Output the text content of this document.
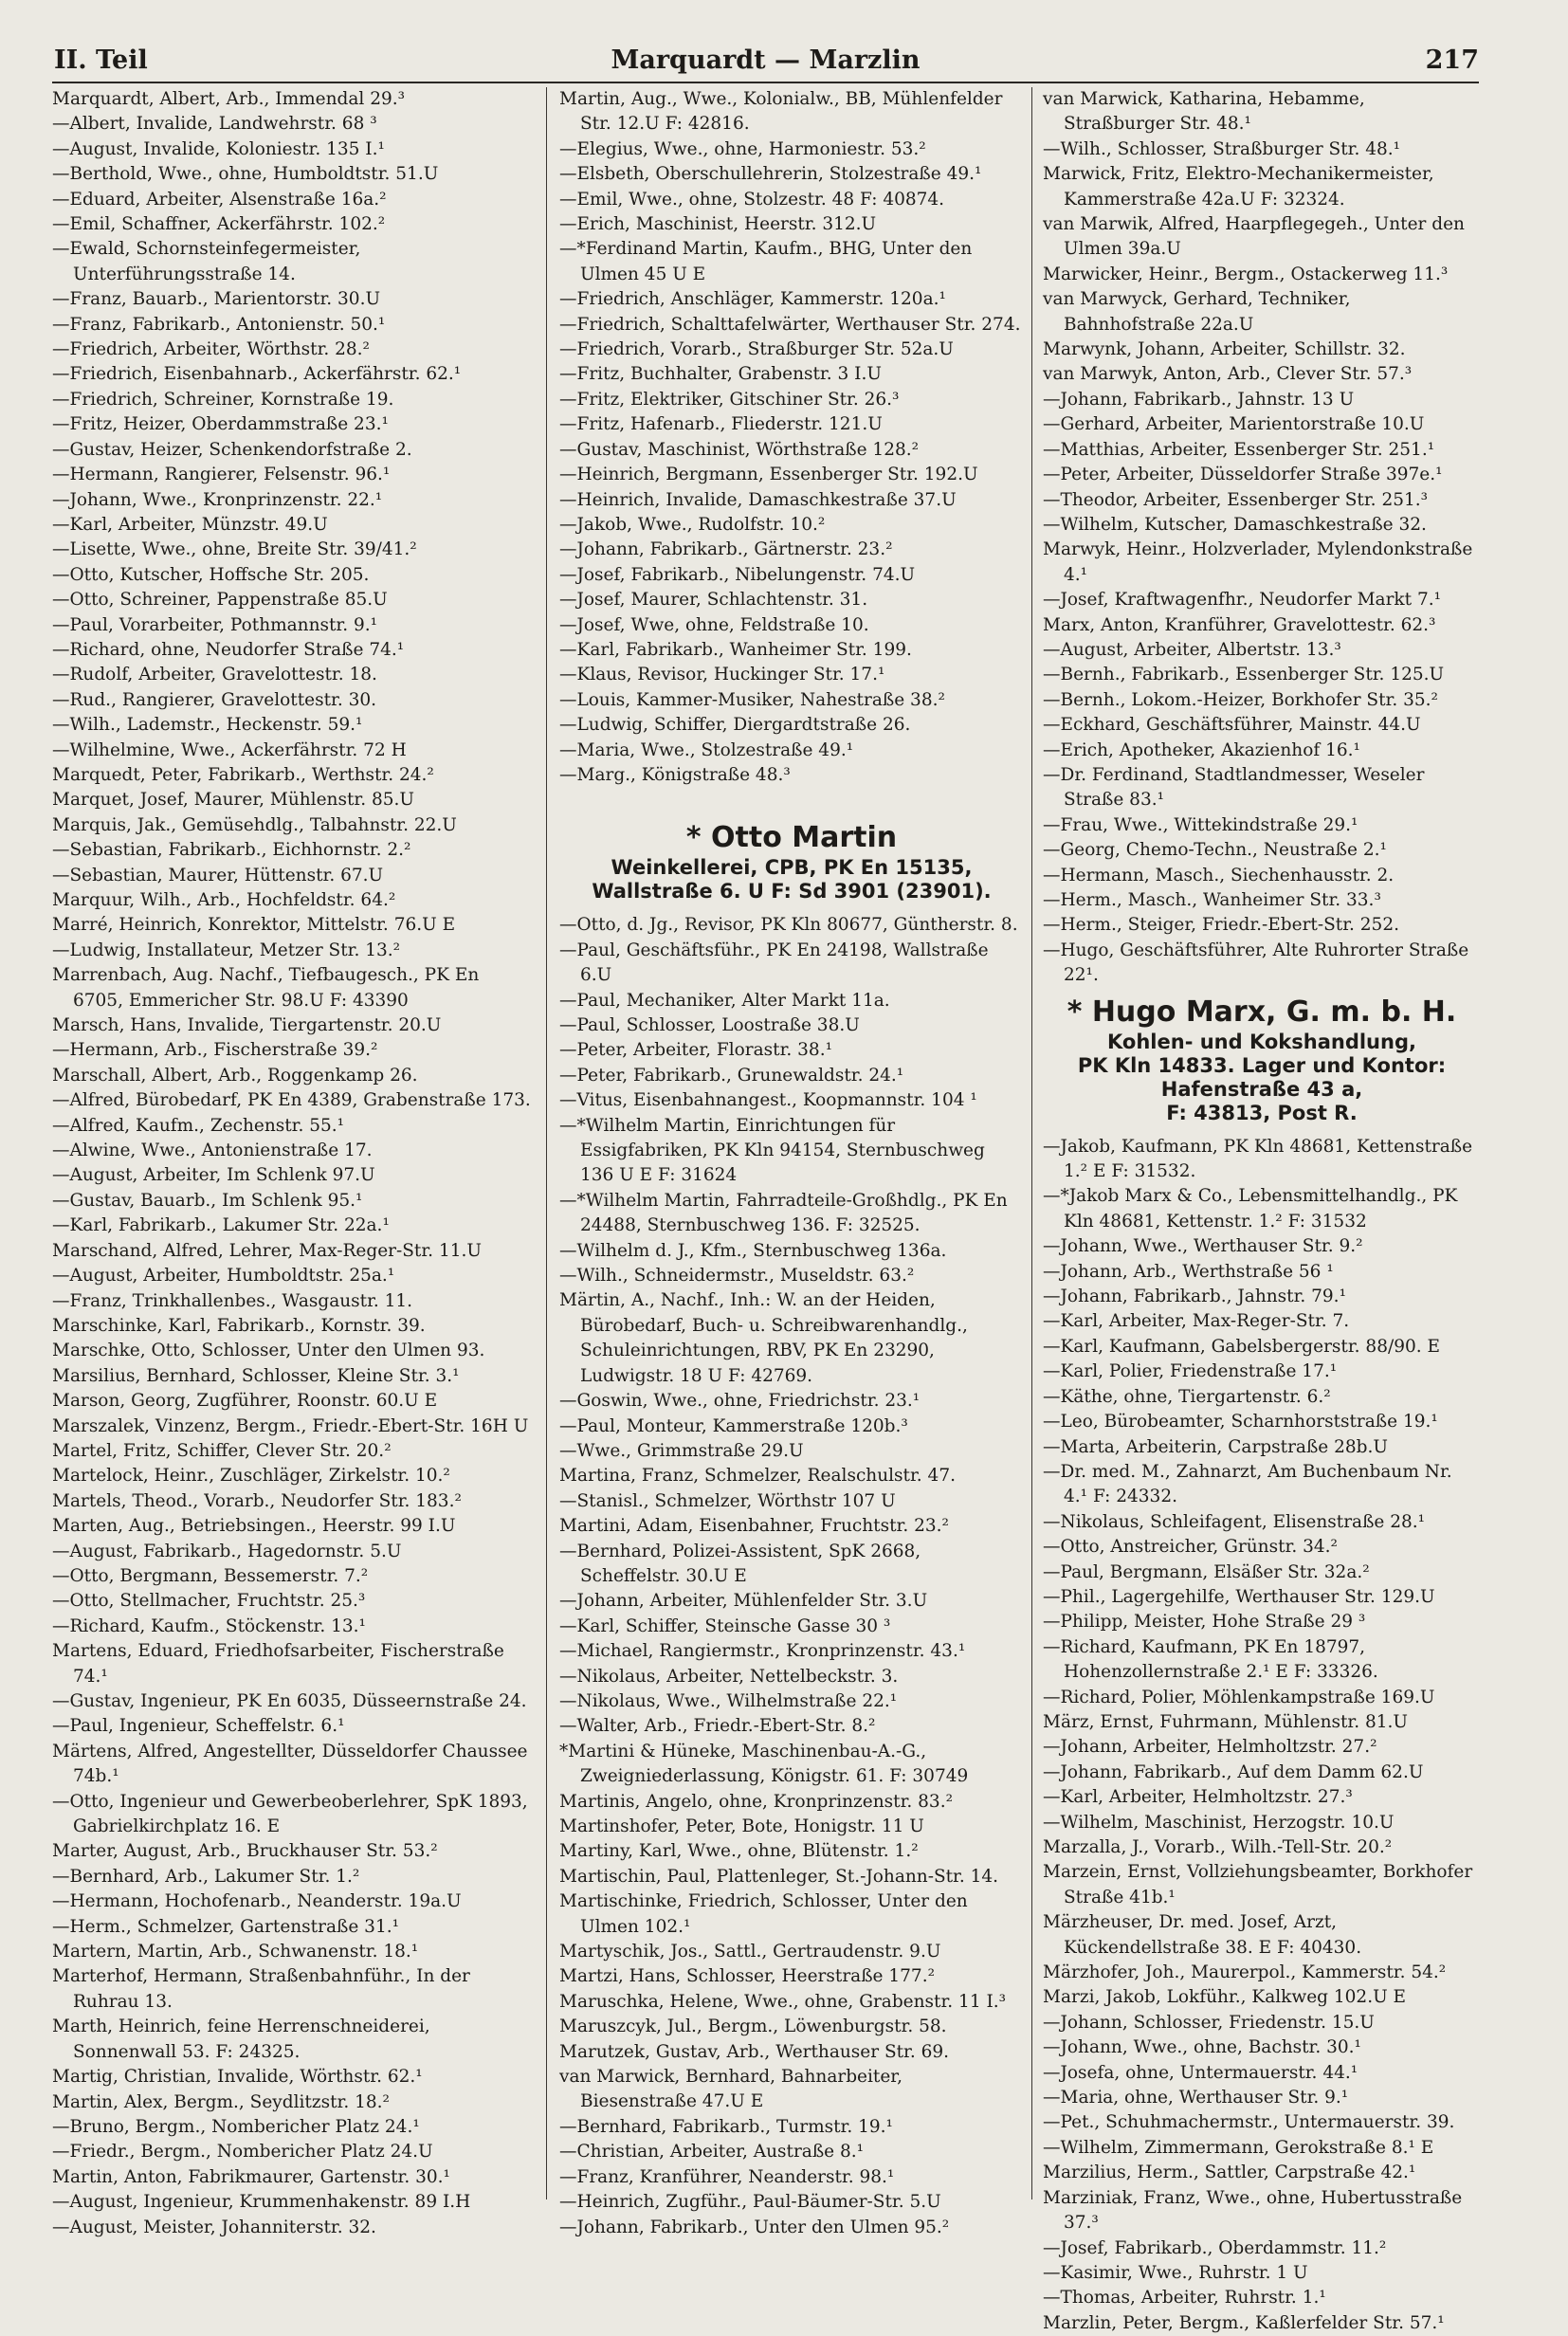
II. Teil	Marquardt — Marzlin	217
Marquardt, Albert, Arb., Immendal 29.³
—Albert, Invalide, Landwehrstr. 68 ³
—August, Invalide, Koloniestr. 135 I.¹
—Berthold, Wwe., ohne, Humboldtstr. 51.U
—Eduard, Arbeiter, Alsenstraße 16a.²
—Emil, Schaffner, Ackerfährstr. 102.²
—Ewald, Schornsteinfegermeister, Unterführungsstraße 14.
—Franz, Bauarb., Marientorstr. 30.U
—Franz, Fabrikarb., Antonienstr. 50.¹
—Friedrich, Arbeiter, Wörthstr. 28.²
—Friedrich, Eisenbahnarb., Ackerfährstr. 62.¹
—Friedrich, Schreiner, Kornstraße 19.
—Fritz, Heizer, Oberdammstraße 23.¹
—Gustav, Heizer, Schenkendorfstraße 2.
—Hermann, Rangierer, Felsenstr. 96.¹
—Johann, Wwe., Kronprinzenstr. 22.¹
—Karl, Arbeiter, Münzstr. 49.U
—Lisette, Wwe., ohne, Breite Str. 39/41.²
—Otto, Kutscher, Hoffsche Str. 205.
—Otto, Schreiner, Pappenstraße 85.U
—Paul, Vorarbeiter, Pothmannstr. 9.¹
—Richard, ohne, Neudorfer Straße 74.¹
—Rudolf, Arbeiter, Gravelottestr. 18.
—Rud., Rangierer, Gravelottestr. 30.
—Wilh., Lademstr., Heckenstr. 59.¹
—Wilhelmine, Wwe., Ackerfährstr. 72 H
Marquedt, Peter, Fabrikarb., Werthstr. 24.²
Marquet, Josef, Maurer, Mühlenstr. 85.U
Marquis, Jak., Gemüsehdlg., Talbahnstr. 22.U
—Sebastian, Fabrikarb., Eichhornstr. 2.²
—Sebastian, Maurer, Hüttenstr. 67.U
Marquur, Wilh., Arb., Hochfeldstr. 64.²
Marré, Heinrich, Konrektor, Mittelstr. 76.U E
—Ludwig, Installateur, Metzer Str. 13.²
Marrenbach, Aug. Nachf., Tiefbaugesch., PK En 6705, Emmericher Str. 98.U F: 43390
Marsch, Hans, Invalide, Tiergartenstr. 20.U
—Hermann, Arb., Fischerstraße 39.²
Marschall, Albert, Arb., Roggenkamp 26.
—Alfred, Bürobedarf, PK En 4389, Grabenstraße 173.
—Alfred, Kaufm., Zechenstr. 55.¹
—Alwine, Wwe., Antonienstraße 17.
—August, Arbeiter, Im Schlenk 97.U
—Gustav, Bauarb., Im Schlenk 95.¹
—Karl, Fabrikarb., Lakumer Str. 22a.¹
Marschand, Alfred, Lehrer, Max-Reger-Str. 11.U
—August, Arbeiter, Humboldtstr. 25a.¹
—Franz, Trinkhallenbes., Wasgaustr. 11.
Marschinke, Karl, Fabrikarb., Kornstr. 39.
Marschke, Otto, Schlosser, Unter den Ulmen 93.
Marsilius, Bernhard, Schlosser, Kleine Str. 3.¹
Marson, Georg, Zugführer, Roonstr. 60.U E
Marszalek, Vinzenz, Bergm., Friedr.-Ebert-Str. 16H U
Martel, Fritz, Schiffer, Clever Str. 20.²
Martelock, Heinr., Zuschläger, Zirkelstr. 10.²
Martels, Theod., Vorarb., Neudorfer Str. 183.²
Marten, Aug., Betriebsingen., Heerstr. 99 I.U
—August, Fabrikarb., Hagedornstr. 5.U
—Otto, Bergmann, Bessemerstr. 7.²
—Otto, Stellmacher, Fruchtstr. 25.³
—Richard, Kaufm., Stöckenstr. 13.¹
Martens, Eduard, Friedhofsarbeiter, Fischerstraße 74.¹
—Gustav, Ingenieur, PK En 6035, Düsseernstraße 24.
—Paul, Ingenieur, Scheffelstr. 6.¹
Märtens, Alfred, Angestellter, Düsseldorfer Chaussee 74b.¹
—Otto, Ingenieur und Gewerbeoberlehrer, SpK 1893, Gabrielkirchplatz 16. E
Marter, August, Arb., Bruckhauser Str. 53.²
—Bernhard, Arb., Lakumer Str. 1.²
—Hermann, Hochofenarb., Neanderstr. 19a.U
—Herm., Schmelzer, Gartenstraße 31.¹
Martern, Martin, Arb., Schwanenstr. 18.¹
Marterhof, Hermann, Straßenbahnführ., In der Ruhrau 13.
Marth, Heinrich, feine Herrenschneiderei, Sonnenwall 53. F: 24325.
Martig, Christian, Invalide, Wörthstr. 62.¹
Martin, Alex, Bergm., Seydlitzstr. 18.²
—Bruno, Bergm., Nombericher Platz 24.¹
—Friedr., Bergm., Nombericher Platz 24.U
Martin, Anton, Fabrikmaurer, Gartenstr. 30.¹
—August, Ingenieur, Krummenhakenstr. 89 I.H
—August, Meister, Johanniterstr. 32.
Martin, Aug., Wwe., Kolonialw., BB, Mühlenfelder Str. 12.U F: 42816.
—Elegius, Wwe., ohne, Harmoniestr. 53.²
—Elsbeth, Oberschullehrerin, Stolzestraße 49.¹
—Emil, Wwe., ohne, Stolzestr. 48 F: 40874.
—Erich, Maschinist, Heerstr. 312.U
—*Ferdinand Martin, Kaufm., BHG, Unter den Ulmen 45 U E
—Friedrich, Anschläger, Kammerstr. 120a.¹
—Friedrich, Schalttafelwärter, Werthauser Str. 274.
—Friedrich, Vorarb., Straßburger Str. 52a.U
—Fritz, Buchhalter, Grabenstr. 3 I.U
—Fritz, Elektriker, Gitschiner Str. 26.³
—Fritz, Hafenarb., Fliederstr. 121.U
—Gustav, Maschinist, Wörthstraße 128.²
—Heinrich, Bergmann, Essenberger Str. 192.U
—Heinrich, Invalide, Damaschkestraße 37.U
—Jakob, Wwe., Rudolfstr. 10.²
—Johann, Fabrikarb., Gärtnerstr. 23.²
—Josef, Fabrikarb., Nibelungenstr. 74.U
—Josef, Maurer, Schlachtenstr. 31.
—Josef, Wwe, ohne, Feldstraße 10.
—Karl, Fabrikarb., Wanheimer Str. 199.
—Klaus, Revisor, Huckinger Str. 17.¹
—Louis, Kammer-Musiker, Nahestraße 38.²
—Ludwig, Schiffer, Diergardtstraße 26.
—Maria, Wwe., Stolzestraße 49.¹
—Marg., Königstraße 48.³
* Otto Martin
Weinkellerei, CPB, PK En 15135,
Wallstraße 6. U F: Sd 3901 (23901).
—Otto, d. Jg., Revisor, PK Kln 80677, Güntherstr. 8.
—Paul, Geschäftsführ., PK En 24198, Wallstraße 6.U
—Paul, Mechaniker, Alter Markt 11a.
—Paul, Schlosser, Loostraße 38.U
—Peter, Arbeiter, Florastr. 38.¹
—Peter, Fabrikarb., Grunewaldstr. 24.¹
—Vitus, Eisenbahnangest., Koopmannstr. 104 ¹
—*Wilhelm Martin, Einrichtungen für Essigfabriken, PK Kln 94154, Sternbuschweg 136 U E F: 31624
—*Wilhelm Martin, Fahrradteile-Großhdlg., PK En 24488, Sternbuschweg 136. F: 32525.
—Wilhelm d. J., Kfm., Sternbuschweg 136a.
—Wilh., Schneidermstr., Museldstr. 63.²
Märtin, A., Nachf., Inh.: W. an der Heiden, Bürobedarf, Buch- u. Schreibwarenhandlg., Schuleinrichtungen, RBV, PK En 23290, Ludwigstr. 18 U F: 42769.
—Goswin, Wwe., ohne, Friedrichstr. 23.¹
—Paul, Monteur, Kammerstraße 120b.³
—Wwe., Grimmstraße 29.U
Martina, Franz, Schmelzer, Realschulstr. 47.
—Stanisl., Schmelzer, Wörthstr 107 U
Martini, Adam, Eisenbahner, Fruchtstr. 23.²
—Bernhard, Polizei-Assistent, SpK 2668, Scheffelstr. 30.U E
—Johann, Arbeiter, Mühlenfelder Str. 3.U
—Karl, Schiffer, Steinsche Gasse 30 ³
—Michael, Rangiermstr., Kronprinzenstr. 43.¹
—Nikolaus, Arbeiter, Nettelbeckstr. 3.
—Nikolaus, Wwe., Wilhelmstraße 22.¹
—Walter, Arb., Friedr.-Ebert-Str. 8.²
*Martini & Hüneke, Maschinenbau-A.-G., Zweigniederlassung, Königstr. 61. F: 30749
Martinis, Angelo, ohne, Kronprinzenstr. 83.²
Martinshofer, Peter, Bote, Honigstr. 11 U
Martiny, Karl, Wwe., ohne, Blütenstr. 1.²
Martischin, Paul, Plattenleger, St.-Johann-Str. 14.
Martischinke, Friedrich, Schlosser, Unter den Ulmen 102.¹
Martyschik, Jos., Sattl., Gertraudenstr. 9.U
Martzi, Hans, Schlosser, Heerstraße 177.²
Maruschka, Helene, Wwe., ohne, Grabenstr. 11 I.³
Maruszcyk, Jul., Bergm., Löwenburgstr. 58.
Marutzek, Gustav, Arb., Werthauser Str. 69.
van Marwick, Bernhard, Bahnarbeiter, Biesenstraße 47.U E
—Bernhard, Fabrikarb., Turmstr. 19.¹
—Christian, Arbeiter, Austraße 8.¹
—Franz, Kranführer, Neanderstr. 98.¹
—Heinrich, Zugführ., Paul-Bäumer-Str. 5.U
—Johann, Fabrikarb., Unter den Ulmen 95.²
van Marwick, Katharina, Hebamme, Straßburger Str. 48.¹
—Wilh., Schlosser, Straßburger Str. 48.¹
Marwick, Fritz, Elektro-Mechanikermeister, Kammerstraße 42a.U F: 32324.
van Marwik, Alfred, Haarpflegegeh., Unter den Ulmen 39a.U
Marwicker, Heinr., Bergm., Ostackerweg 11.³
van Marwyck, Gerhard, Techniker, Bahnhofstraße 22a.U
Marwynk, Johann, Arbeiter, Schillstr. 32.
van Marwyk, Anton, Arb., Clever Str. 57.³
—Johann, Fabrikarb., Jahnstr. 13 U
—Gerhard, Arbeiter, Marientorstraße 10.U
—Matthias, Arbeiter, Essenberger Str. 251.¹
—Peter, Arbeiter, Düsseldorfer Straße 397e.¹
—Theodor, Arbeiter, Essenberger Str. 251.³
—Wilhelm, Kutscher, Damaschkestraße 32.
Marwyk, Heinr., Holzverlader, Mylendonkstraße 4.¹
—Josef, Kraftwagenfhr., Neudorfer Markt 7.¹
Marx, Anton, Kranführer, Gravelottestr. 62.³
—August, Arbeiter, Albertstr. 13.³
—Bernh., Fabrikarb., Essenberger Str. 125.U
—Bernh., Lokom.-Heizer, Borkhofer Str. 35.²
—Eckhard, Geschäftsführer, Mainstr. 44.U
—Erich, Apotheker, Akazienhof 16.¹
—Dr. Ferdinand, Stadtlandmesser, Weseler Straße 83.¹
—Frau, Wwe., Wittekindstraße 29.¹
—Georg, Chemo-Techn., Neustraße 2.¹
—Hermann, Masch., Siechenhausstr. 2.
—Herm., Masch., Wanheimer Str. 33.³
—Herm., Steiger, Friedr.-Ebert-Str. 252.
—Hugo, Geschäftsführer, Alte Ruhrorter Straße 22¹.
* Hugo Marx, G. m. b. H.
Kohlen- und Kokshandlung,
PK Kln 14833. Lager und Kontor:
Hafenstraße 43 a,
F: 43813, Post R.
—Jakob, Kaufmann, PK Kln 48681, Kettenstraße 1.² E F: 31532.
—*Jakob Marx & Co., Lebensmittelhandlg., PK Kln 48681, Kettenstr. 1.² F: 31532
—Johann, Wwe., Werthauser Str. 9.²
—Johann, Arb., Werthstraße 56 ¹
—Johann, Fabrikarb., Jahnstr. 79.¹
—Karl, Arbeiter, Max-Reger-Str. 7.
—Karl, Kaufmann, Gabelsbergerstr. 88/90. E
—Karl, Polier, Friedenstraße 17.¹
—Käthe, ohne, Tiergartenstr. 6.²
—Leo, Bürobeamter, Scharnhorststraße 19.¹
—Marta, Arbeiterin, Carpstraße 28b.U
—Dr. med. M., Zahnarzt, Am Buchenbaum Nr. 4.¹ F: 24332.
—Nikolaus, Schleifagent, Elisenstraße 28.¹
—Otto, Anstreicher, Grünstr. 34.²
—Paul, Bergmann, Elsäßer Str. 32a.²
—Phil., Lagergehilfe, Werthauser Str. 129.U
—Philipp, Meister, Hohe Straße 29 ³
—Richard, Kaufmann, PK En 18797, Hohenzollernstraße 2.¹ E F: 33326.
—Richard, Polier, Möhlenkampstraße 169.U
März, Ernst, Fuhrmann, Mühlenstr. 81.U
—Johann, Arbeiter, Helmholtzstr. 27.²
—Johann, Fabrikarb., Auf dem Damm 62.U
—Karl, Arbeiter, Helmholtzstr. 27.³
—Wilhelm, Maschinist, Herzogstr. 10.U
Marzalla, J., Vorarb., Wilh.-Tell-Str. 20.²
Marzein, Ernst, Vollziehungsbeamter, Borkhofer Straße 41b.¹
Märzheuser, Dr. med. Josef, Arzt, Kückendellstraße 38. E F: 40430.
Märzhofer, Joh., Maurerpol., Kammerstr. 54.²
Marzi, Jakob, Lokführ., Kalkweg 102.U E
—Johann, Schlosser, Friedenstr. 15.U
—Johann, Wwe., ohne, Bachstr. 30.¹
—Josefa, ohne, Untermauerstr. 44.¹
—Maria, ohne, Werthauser Str. 9.¹
—Pet., Schuhmachermstr., Untermauerstr. 39.
—Wilhelm, Zimmermann, Gerokstraße 8.¹ E
Marzilius, Herm., Sattler, Carpstraße 42.¹
Marziniak, Franz, Wwe., ohne, Hubertusstraße 37.³
—Josef, Fabrikarb., Oberdammstr. 11.²
—Kasimir, Wwe., Ruhrstr. 1 U
—Thomas, Arbeiter, Ruhrstr. 1.¹
Marzlin, Peter, Bergm., Kaßlerfelder Str. 57.¹
